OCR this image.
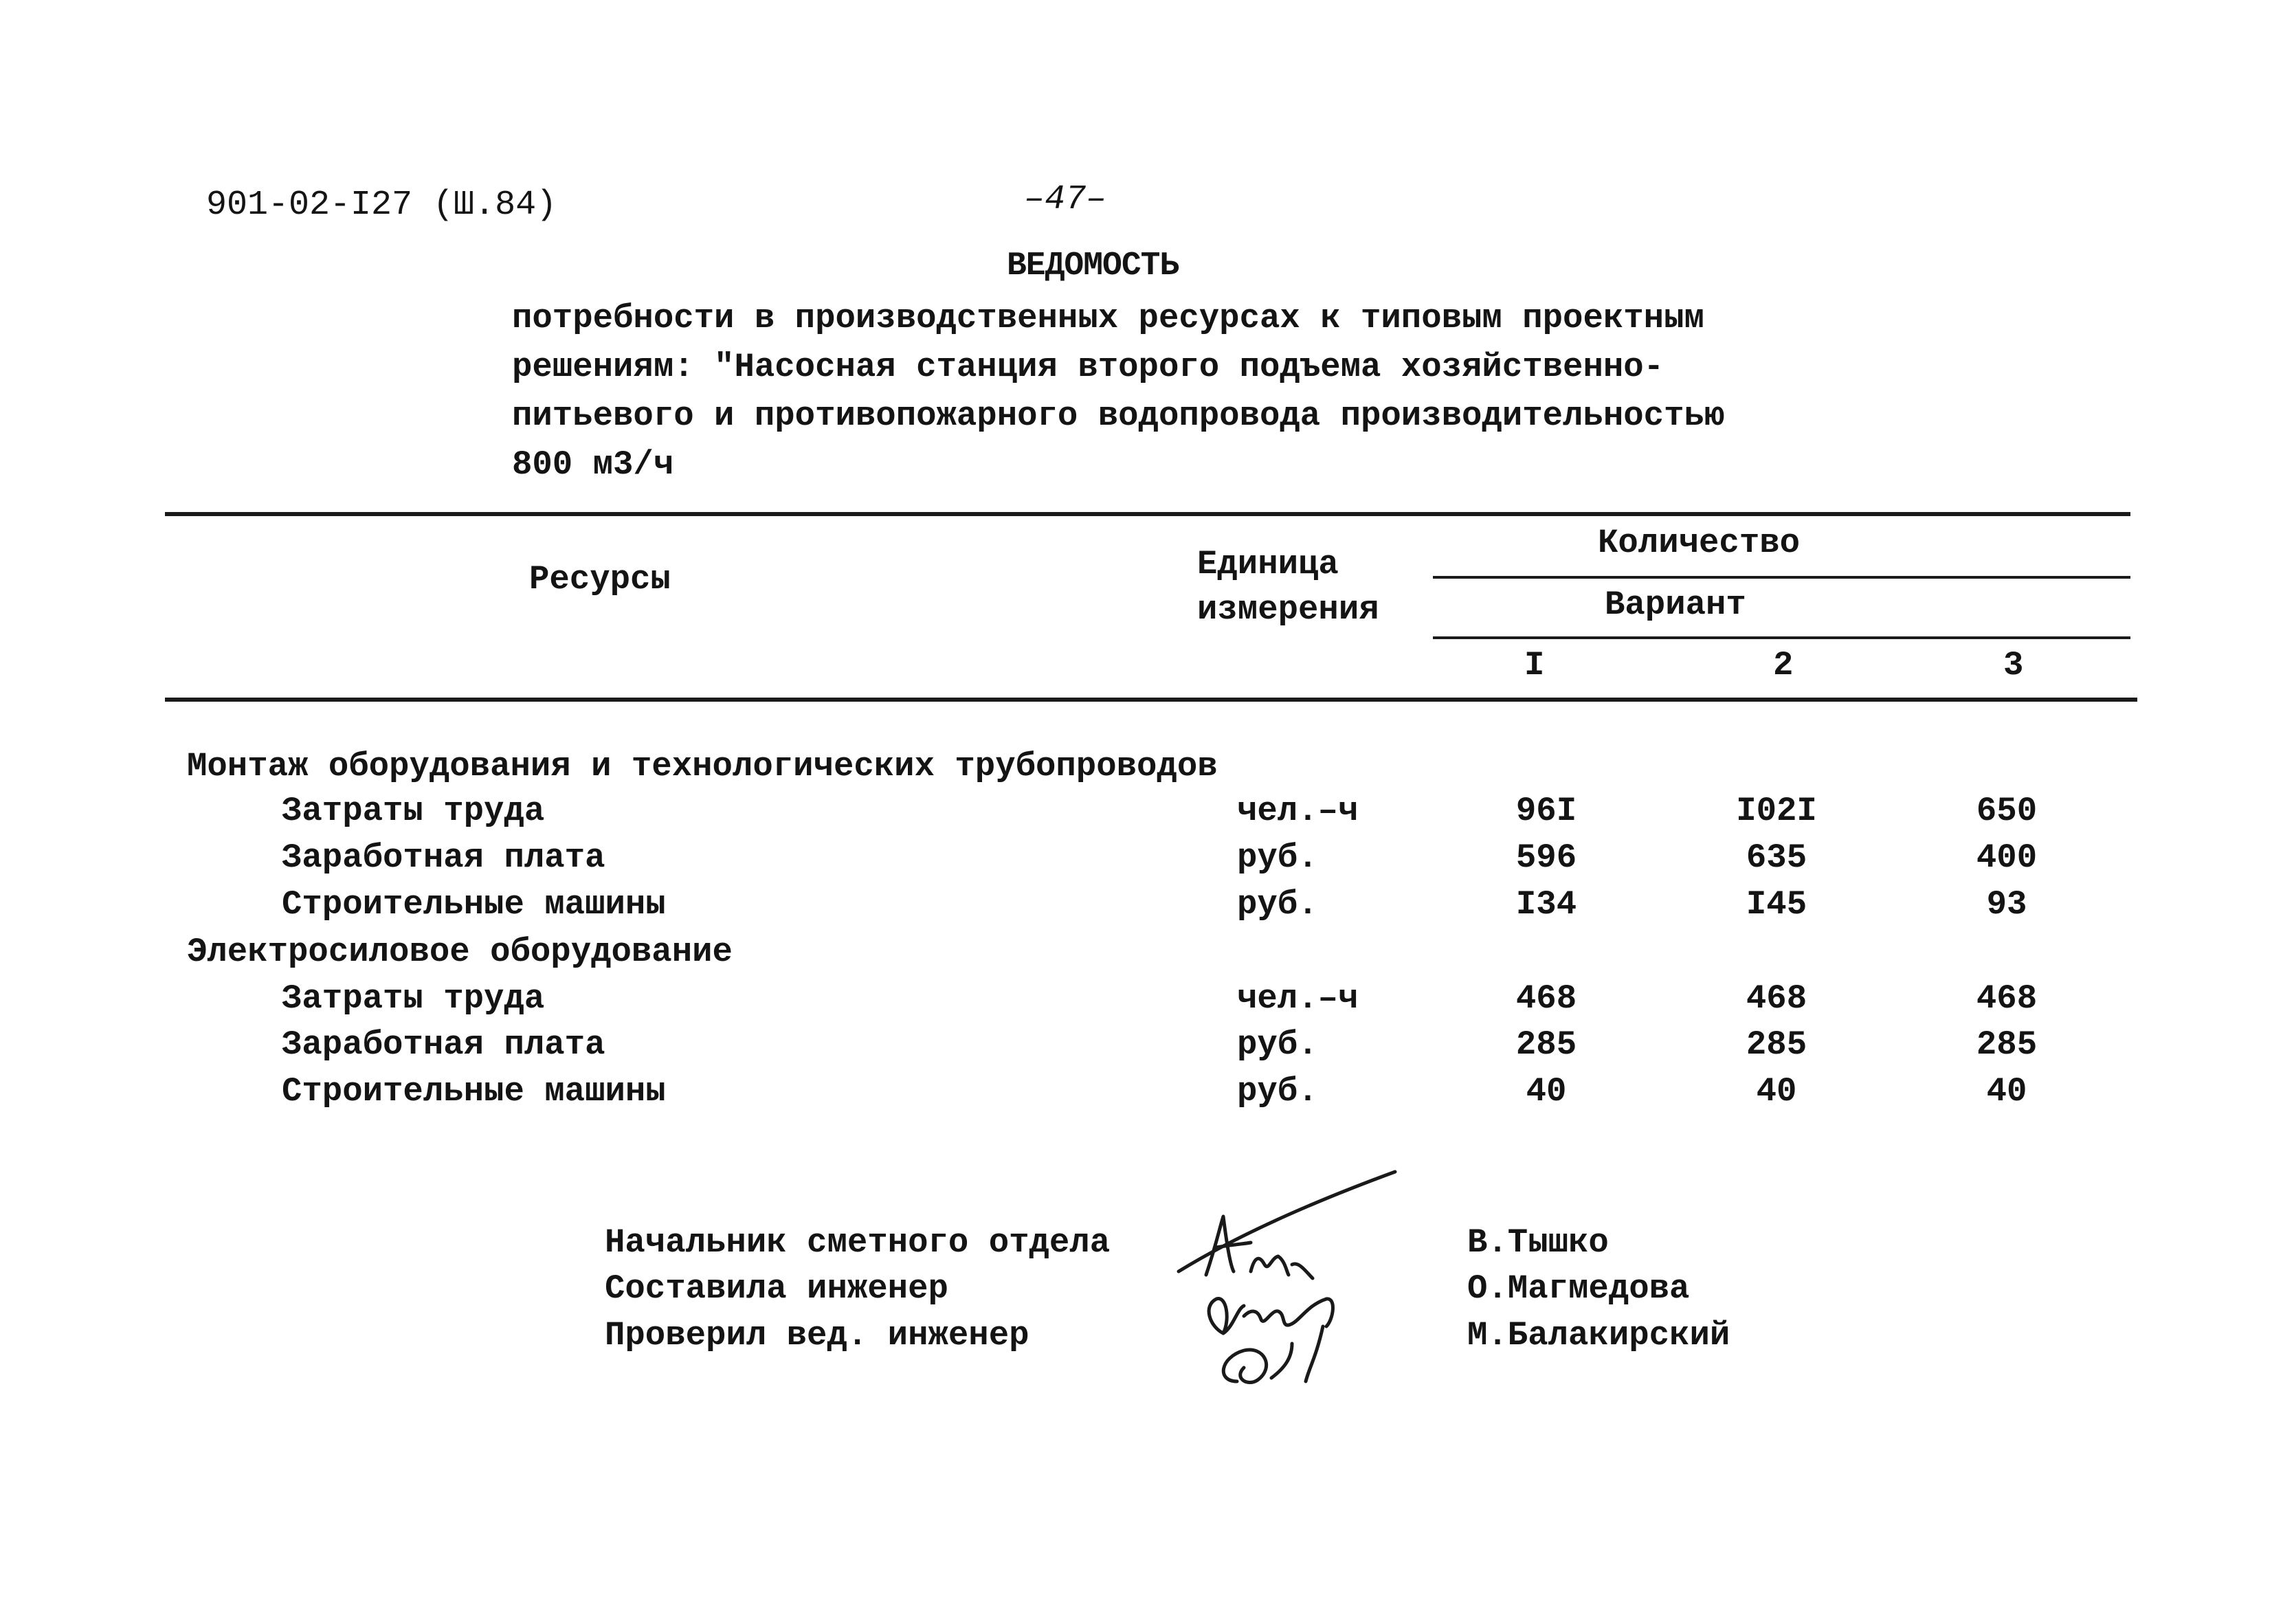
901-02-I27 (Ш.84)	–47–
ВЕДОМОСТЬ
потребности в производственных ресурсах к типовым проектным
решениям: "Насосная станция второго подъема хозяйственно-
питьевого и противопожарного водопровода производительностью
800 м3/ч
Ресурсы	Единица
измерения
Количество
Вариант
I	2	3
Монтаж оборудования и технологических трубопроводов
Затраты труда	чел.–ч	96I	I02I	650
Заработная плата	руб.	596	635	400
Строительные машины	руб.	I34	I45	93
Электросиловое оборудование
Затраты труда	чел.–ч	468	468	468
Заработная плата	руб.	285	285	285
Строительные машины	руб.	40	40	40
Начальник сметного отдела
Составила инженер
Проверил вед. инженер
В.Тышко
О.Магмедова
М.Балакирский
